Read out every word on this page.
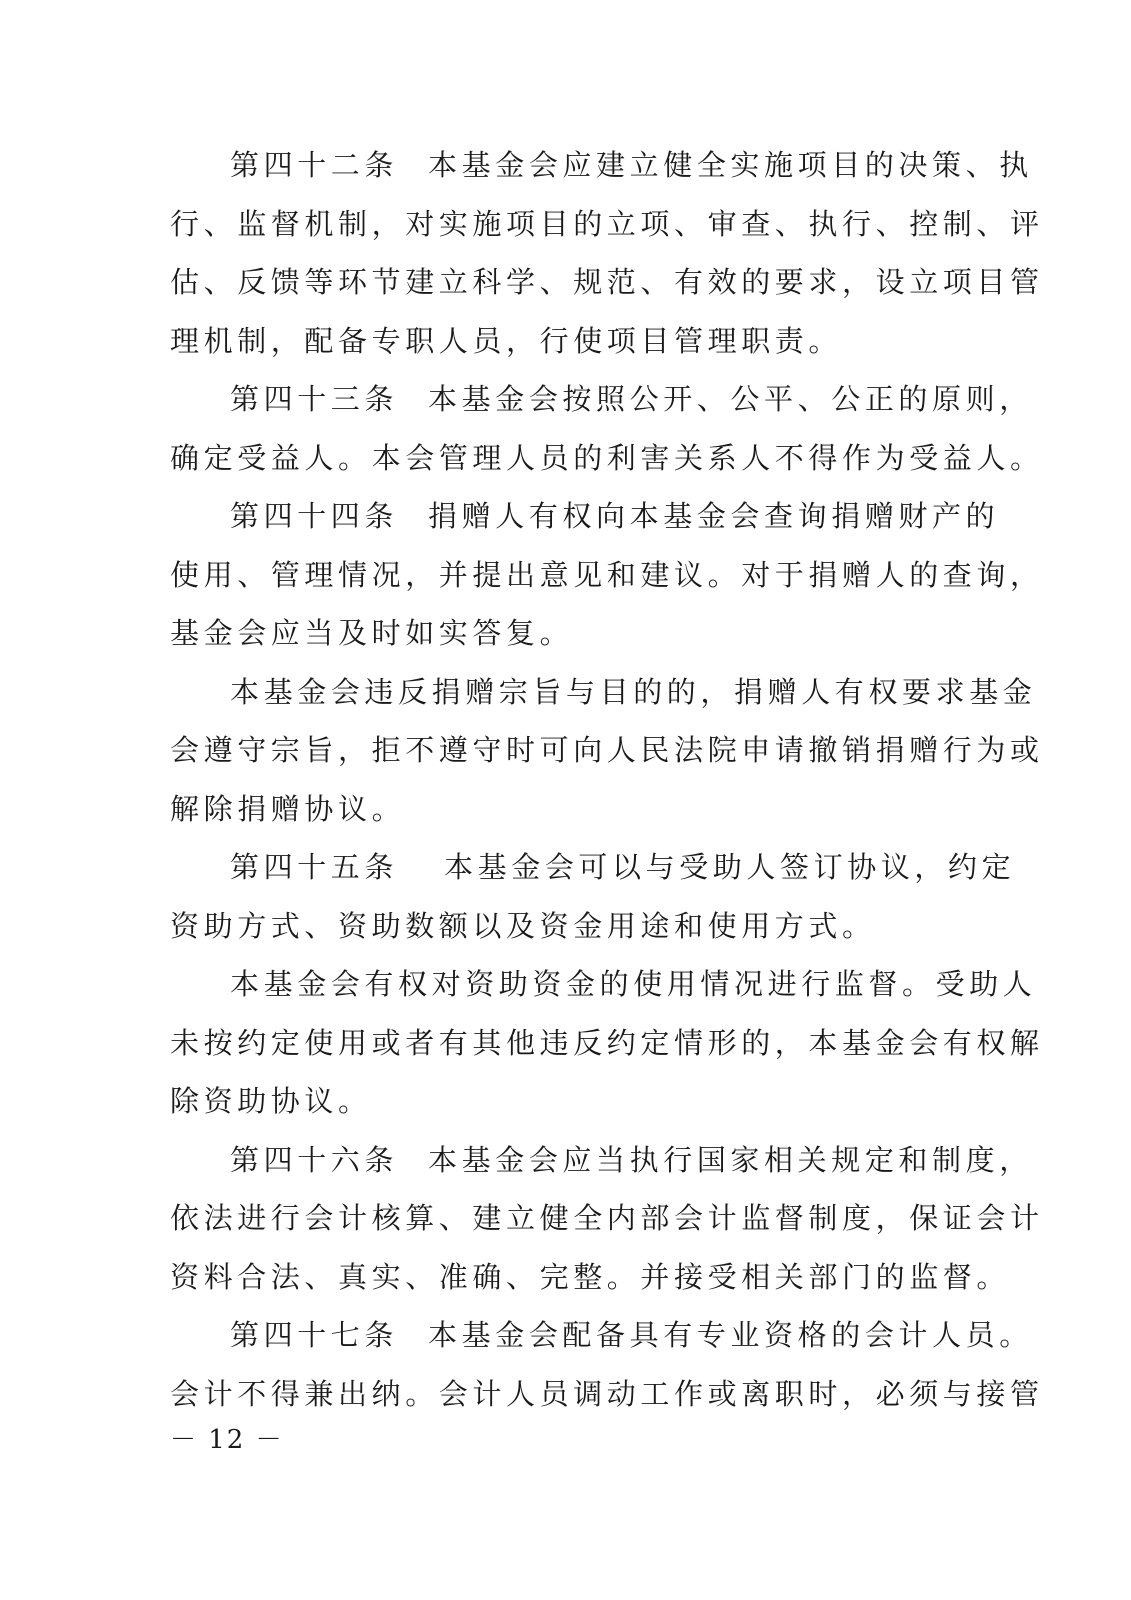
第四十二条 本基金会应建立健全实施项目的决策、执
行、监督机制，对实施项目的立项、审查、执行、控制、评
估、反馈等环节建立科学、规范、有效的要求，设立项目管
理机制，配备专职人员，行使项目管理职责。
第四十三条 本基金会按照公开、公平、公正的原则，
确定受益人。本会管理人员的利害关系人不得作为受益人。
第四十四条 捐赠人有权向本基金会查询捐赠财产的
使用、管理情况，并提出意见和建议。对于捐赠人的查询，
基金会应当及时如实答复。
本基金会违反捐赠宗旨与目的的，捐赠人有权要求基金
会遵守宗旨，拒不遵守时可向人民法院申请撤销捐赠行为或
解除捐赠协议。
第四十五条 本基金会可以与受助人签订协议，约定
资助方式、资助数额以及资金用途和使用方式。
本基金会有权对资助资金的使用情况进行监督。受助人
未按约定使用或者有其他违反约定情形的，本基金会有权解
除资助协议。
第四十六条 本基金会应当执行国家相关规定和制度，
依法进行会计核算、建立健全内部会计监督制度，保证会计
资料合法、真实、准确、完整。并接受相关部门的监督。
第四十七条 本基金会配备具有专业资格的会计人员。
会计不得兼出纳。会计人员调动工作或离职时，必须与接管
－ 12 －
